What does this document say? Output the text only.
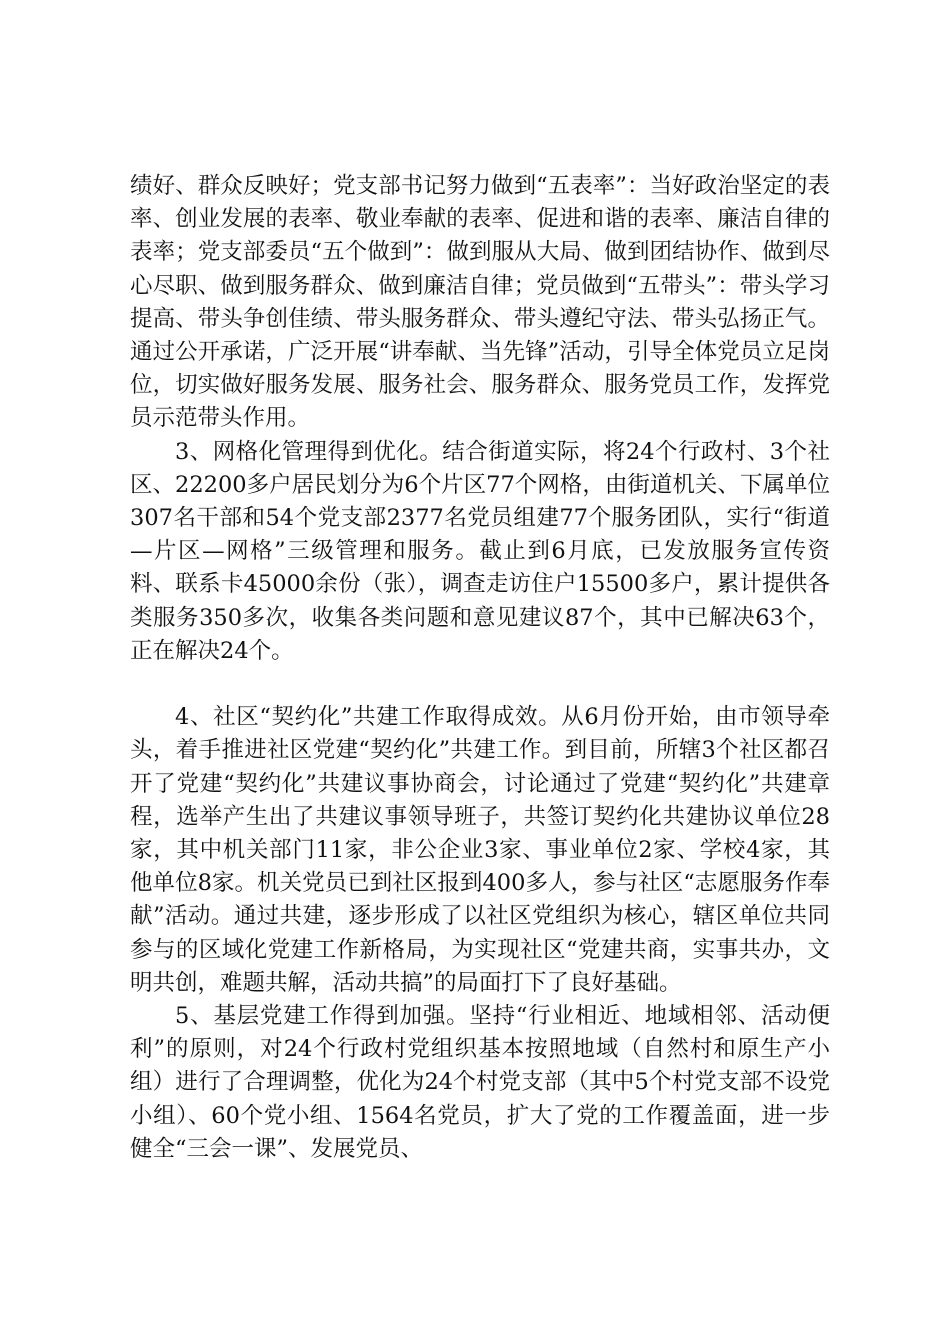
绩好、群众反映好；党支部书记努力做到“五表率”：当好政治坚定的表率、创业发展的表率、敬业奉献的表率、促进和谐的表率、廉洁自律的表率；党支部委员“五个做到”：做到服从大局、做到团结协作、做到尽心尽职、做到服务群众、做到廉洁自律；党员做到“五带头”：带头学习提高、带头争创佳绩、带头服务群众、带头遵纪守法、带头弘扬正气。通过公开承诺，广泛开展“讲奉献、当先锋”活动，引导全体党员立足岗位，切实做好服务发展、服务社会、服务群众、服务党员工作，发挥党员示范带头作用。

3、网格化管理得到优化。结合街道实际，将24个行政村、3个社区、22200多户居民划分为6个片区77个网格，由街道机关、下属单位307名干部和54个党支部2377名党员组建77个服务团队，实行“街道—片区—网格”三级管理和服务。截止到6月底，已发放服务宣传资料、联系卡45000余份（张），调查走访住户15500多户，累计提供各类服务350多次，收集各类问题和意见建议87个，其中已解决63个，正在解决24个。

4、社区“契约化”共建工作取得成效。从6月份开始，由市领导牵头，着手推进社区党建“契约化”共建工作。到目前，所辖3个社区都召开了党建“契约化”共建议事协商会，讨论通过了党建“契约化”共建章程，选举产生出了共建议事领导班子，共签订契约化共建协议单位28家，其中机关部门11家，非公企业3家、事业单位2家、学校4家，其他单位8家。机关党员已到社区报到400多人，参与社区“志愿服务作奉献”活动。通过共建，逐步形成了以社区党组织为核心，辖区单位共同参与的区域化党建工作新格局，为实现社区“党建共商，实事共办，文明共创，难题共解，活动共搞”的局面打下了良好基础。

5、基层党建工作得到加强。坚持“行业相近、地域相邻、活动便利”的原则，对24个行政村党组织基本按照地域（自然村和原生产小组）进行了合理调整，优化为24个村党支部（其中5个村党支部不设党小组）、60个党小组、1564名党员，扩大了党的工作覆盖面，进一步健全“三会一课”、发展党员、
